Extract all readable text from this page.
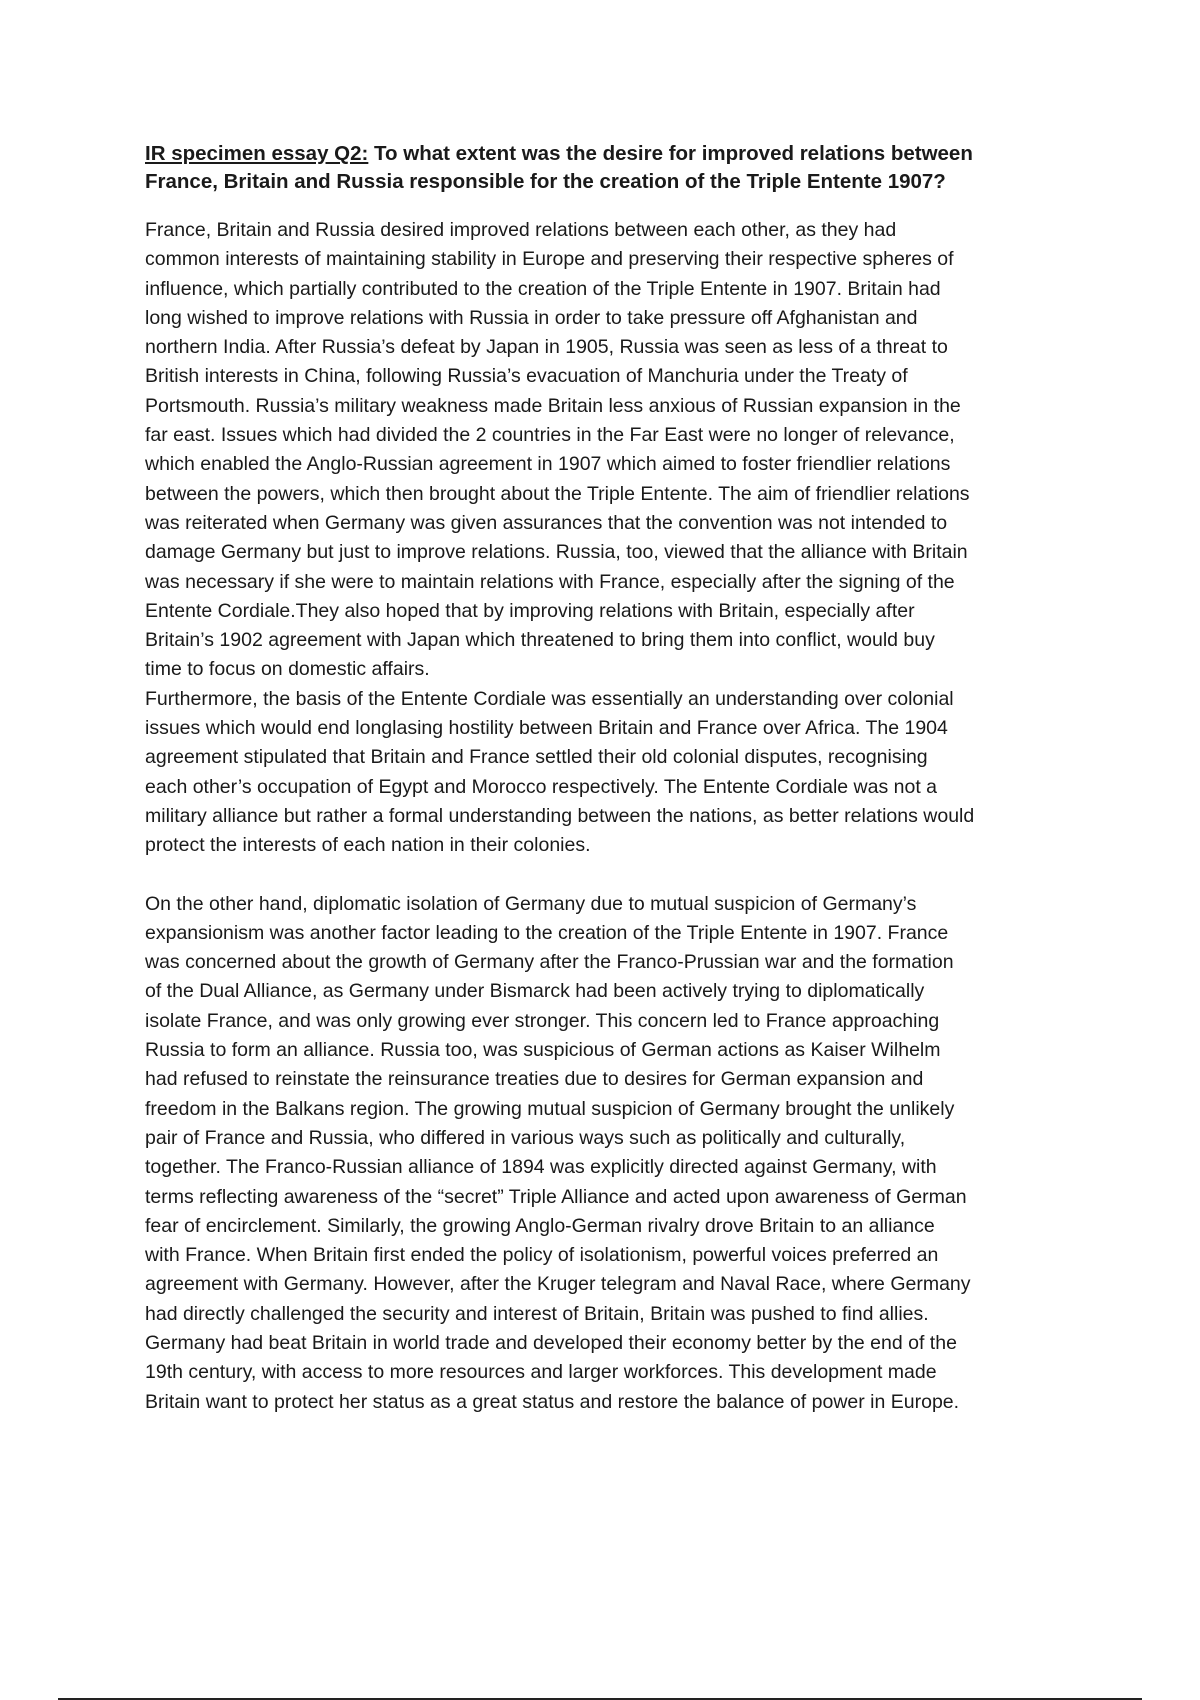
IR specimen essay Q2: To what extent was the desire for improved relations between
France, Britain and Russia responsible for the creation of the Triple Entente 1907?

France, Britain and Russia desired improved relations between each other, as they had
common interests of maintaining stability in Europe and preserving their respective spheres of
influence, which partially contributed to the creation of the Triple Entente in 1907. Britain had
long wished to improve relations with Russia in order to take pressure off Afghanistan and
northern India. After Russia’s defeat by Japan in 1905, Russia was seen as less of a threat to
British interests in China, following Russia’s evacuation of Manchuria under the Treaty of
Portsmouth. Russia’s military weakness made Britain less anxious of Russian expansion in the
far east. Issues which had divided the 2 countries in the Far East were no longer of relevance,
which enabled the Anglo-Russian agreement in 1907 which aimed to foster friendlier relations
between the powers, which then brought about the Triple Entente. The aim of friendlier relations
was reiterated when Germany was given assurances that the convention was not intended to
damage Germany but just to improve relations. Russia, too, viewed that the alliance with Britain
was necessary if she were to maintain relations with France, especially after the signing of the
Entente Cordiale.They also hoped that by improving relations with Britain, especially after
Britain’s 1902 agreement with Japan which threatened to bring them into conflict, would buy
time to focus on domestic affairs.

Furthermore, the basis of the Entente Cordiale was essentially an understanding over colonial
issues which would end longlasing hostility between Britain and France over Africa. The 1904
agreement stipulated that Britain and France settled their old colonial disputes, recognising
each other’s occupation of Egypt and Morocco respectively. The Entente Cordiale was not a
military alliance but rather a formal understanding between the nations, as better relations would
protect the interests of each nation in their colonies.

On the other hand, diplomatic isolation of Germany due to mutual suspicion of Germany’s
expansionism was another factor leading to the creation of the Triple Entente in 1907. France
was concerned about the growth of Germany after the Franco-Prussian war and the formation
of the Dual Alliance, as Germany under Bismarck had been actively trying to diplomatically
isolate France, and was only growing ever stronger. This concern led to France approaching
Russia to form an alliance. Russia too, was suspicious of German actions as Kaiser Wilhelm
had refused to reinstate the reinsurance treaties due to desires for German expansion and
freedom in the Balkans region. The growing mutual suspicion of Germany brought the unlikely
pair of France and Russia, who differed in various ways such as politically and culturally,
together. The Franco-Russian alliance of 1894 was explicitly directed against Germany, with
terms reflecting awareness of the “secret” Triple Alliance and acted upon awareness of German
fear of encirclement. Similarly, the growing Anglo-German rivalry drove Britain to an alliance
with France. When Britain first ended the policy of isolationism, powerful voices preferred an
agreement with Germany. However, after the Kruger telegram and Naval Race, where Germany
had directly challenged the security and interest of Britain, Britain was pushed to find allies.
Germany had beat Britain in world trade and developed their economy better by the end of the
19th century, with access to more resources and larger workforces. This development made
Britain want to protect her status as a great status and restore the balance of power in Europe.
